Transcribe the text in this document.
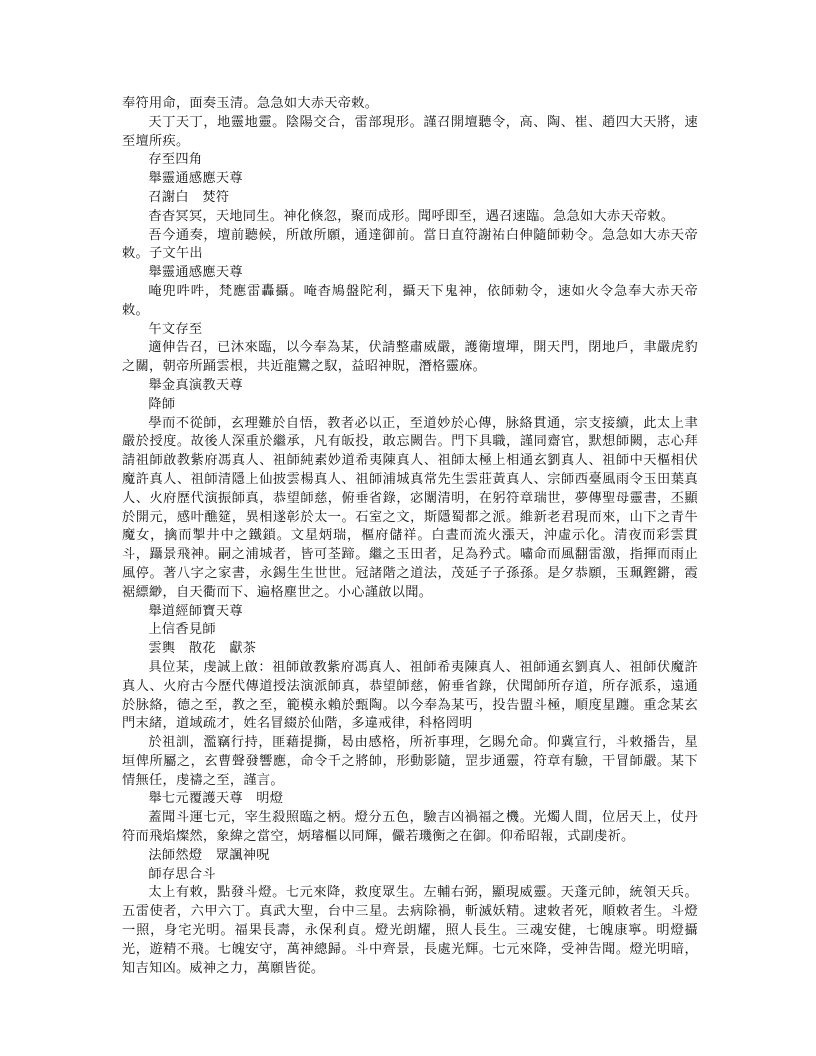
奉符用命，面奏玉清。急急如大赤天帝敕。

天丁天丁，地靈地靈。陰陽交合，雷部現形。謹召開壇聽令，高、陶、崔、趙四大天將，速至壇所疾。

存至四角

舉靈通感應天尊

召謝白　焚符

杳杳冥冥，天地同生。神化倏忽，聚而成形。聞呼即至，遇召速臨。急急如大赤天帝敕。

吾今通奏，壇前聽候，所啟所願，通達御前。當日直符謝祐白伸隨師勅令。急急如大赤天帝敕。子文午出

舉靈通感應天尊

唵兜吽吽，梵應雷轟攝。唵杳鳩盤陀利，攝天下鬼神，依師勅令，速如火令急奉大赤天帝敕。

午文存至

適伸告召，已沐來臨，以今奉為某，伏請整肅威嚴，護衛壇墠，開天門，閉地戶，聿嚴虎豹之關，朝帝所踊雲根，共近龍鸞之馭，益昭神貺，潛格靈庥。

舉金真演教天尊

降師

學而不從師，玄理難於自悟，教者必以正，至道妙於心傳，脉絡貫通，宗支接續，此太上聿嚴於授度。故後人深重於繼承，凡有皈投，敢忘闕告。門下具職，謹同齋官，默想師闕，志心拜請祖師啟教紫府馮真人、祖師純素妙道希夷陳真人、祖師太極上相通玄劉真人、祖師中天樞相伏魔許真人、祖師清隱上仙披雲楊真人、祖師浦城真常先生雲莊黃真人、宗師西臺風雨令玉田葉真人、火府歷代演振師真，恭望師慈，俯垂省錄，宓闈清明，在躬符章瑞世，夢傳聖母靈書，丕顯於開元，感叶醮筵，異相遂彰於太一。石室之文，斯隱蜀都之派。維新老君現而來，山下之青牛魔女，擒而掣井中之鐵鎖。文星炳瑞，樞府儲祥。白晝而流火漲天，沖虛示化。清夜而彩雲貫斗，躡景飛神。嗣之浦城者，皆可荃蹄。繼之玉田者，足為矜式。嘯命而風翻雷激，指揮而雨止風停。著八字之家書，永錫生生世世。冠諸階之道法，茂延子子孫孫。是夕恭願，玉珮鏗鏘，霞裾縹緲，自天衢而下、遍格塵世之。小心謹啟以聞。

舉道經師寶天尊

上信香見師

雲輿　散花　獻茶

具位某，虔誠上啟：祖師啟教紫府馮真人、祖師希夷陳真人、祖師通玄劉真人、祖師伏魔許真人、火府古今歷代傳道授法演派師真，恭望師慈，俯垂省錄，伏聞師所存道，所存派系，遠通於脉絡，德之至，教之至，範模永賴於甄陶。以今奉為某丐，投告盟斗極，順度星躔。重念某玄門末緒，道域疏才，姓名冒綴於仙階，多違戒律，科格罔明

於祖訓，濫竊行持，匪藉提撕，曷由感格，所祈事理，乞賜允命。仰冀宣行，斗敕播告，星垣俾所屬之，玄曹聲發響應，命令千之將帥，形動影隨，罡步通靈，符章有驗，干冒師嚴。某下情無任，虔禱之至，謹言。

舉七元覆護天尊　明燈

蓋聞斗運七元，宰生殺照臨之柄。燈分五色，驗吉凶禍福之機。光燭人間，位居天上，仗丹符而飛焰燦然，象緯之當空，炳璿樞以同輝，儼若璣衡之在御。仰希昭報，式副虔祈。

法師然燈　眾諷神呪

師存思合斗

太上有敕，點發斗燈。七元來降，救度眾生。左輔右弼，顯現威靈。天蓬元帥，統領天兵。五雷使者，六甲六丁。真武大聖，台中三星。去病除禍，斬滅妖精。逮敕者死，順敕者生。斗燈一照，身宅光明。福果長壽，永保利貞。燈光朗耀，照人長生。三魂安健，七魄康寧。明燈攝光，遊精不飛。七魄安守，萬神總歸。斗中齊景，長處光輝。七元來降，受神告聞。燈光明暗，知吉知凶。威神之力，萬願皆從。
